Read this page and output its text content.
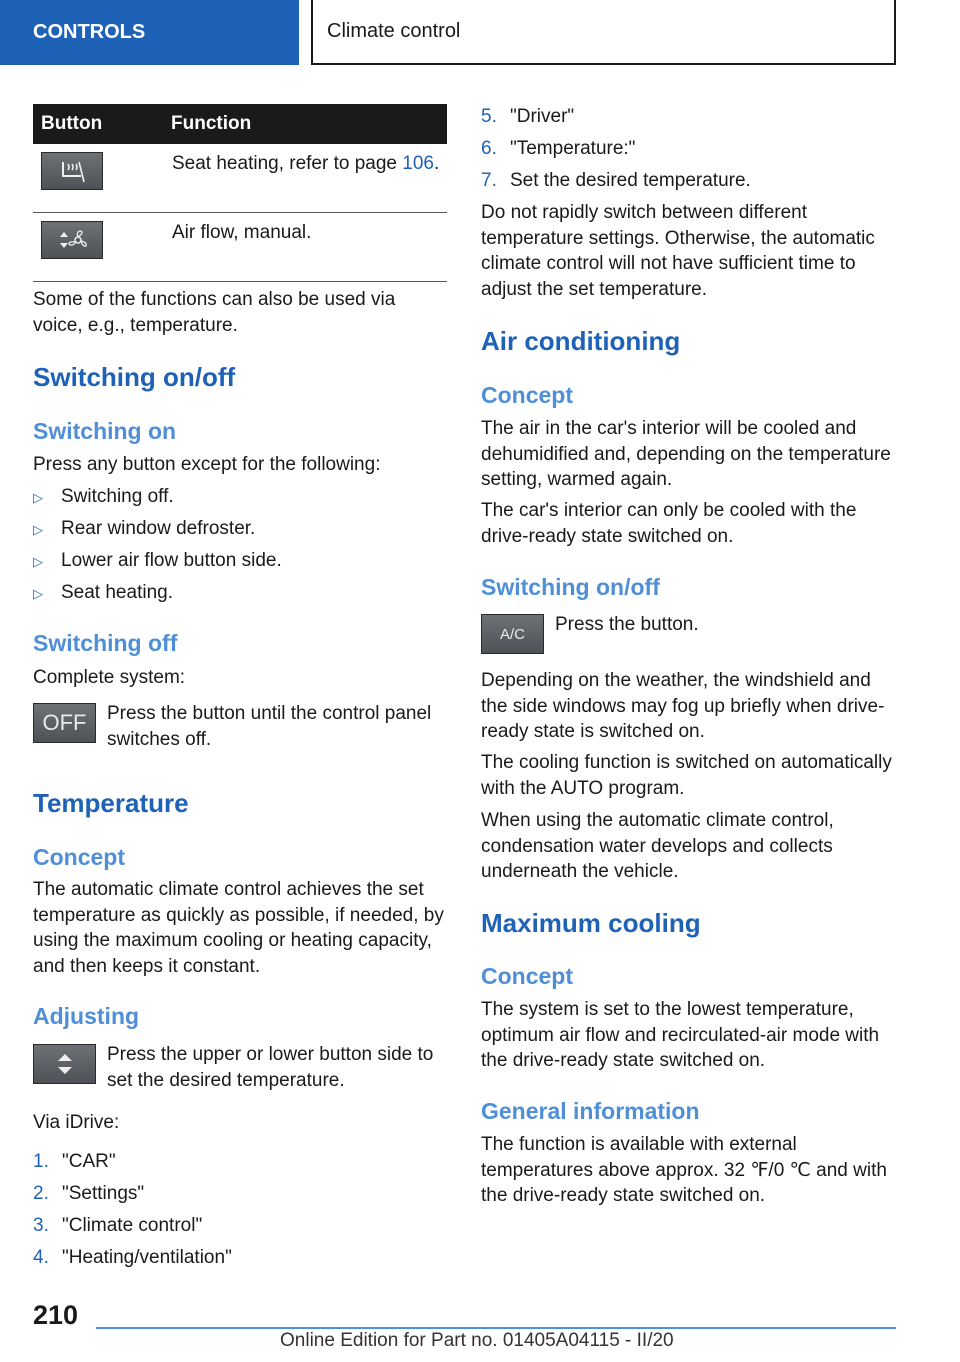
CONTROLS	Climate control
Button	Function

	Seat heating, refer to page 106.

	Air flow, manual.

Some of the functions can also be used via voice, e.g., temperature.

Switching on/off
Switching on

Press any button except for the following:

▷ Switching off.
▷ Rear window defroster.
▷ Lower air flow button side.
▷ Seat heating.
Switching off

Complete system:

OFF	Press the button until the control panel switches off.

Temperature
Concept

The automatic climate control achieves the set temperature as quickly as possible, if needed, by using the maximum cooling or heating capacity, and then keeps it constant.

Adjusting

Press the upper or lower button side to set the desired temperature.

Via iDrive:

1. "CAR"
2. "Settings"
3. "Climate control"
4. "Heating/ventilation"
5. "Driver"
6. "Temperature:"
7. Set the desired temperature.

Do not rapidly switch between different temperature settings. Otherwise, the automatic climate control will not have sufficient time to adjust the set temperature.

Air conditioning
Concept

The air in the car's interior will be cooled and dehumidified and, depending on the temperature setting, warmed again.

The car's interior can only be cooled with the drive-ready state switched on.

Switching on/off
A/C	Press the button.

Depending on the weather, the windshield and the side windows may fog up briefly when drive-ready state is switched on.

The cooling function is switched on automatically with the AUTO program.

When using the automatic climate control, condensation water develops and collects underneath the vehicle.

Maximum cooling
Concept

The system is set to the lowest temperature, optimum air flow and recirculated-air mode with the drive-ready state switched on.

General information

The function is available with external temperatures above approx. 32 ℉/0 ℃ and with the drive-ready state switched on.

210
Online Edition for Part no. 01405A04115 - II/20
